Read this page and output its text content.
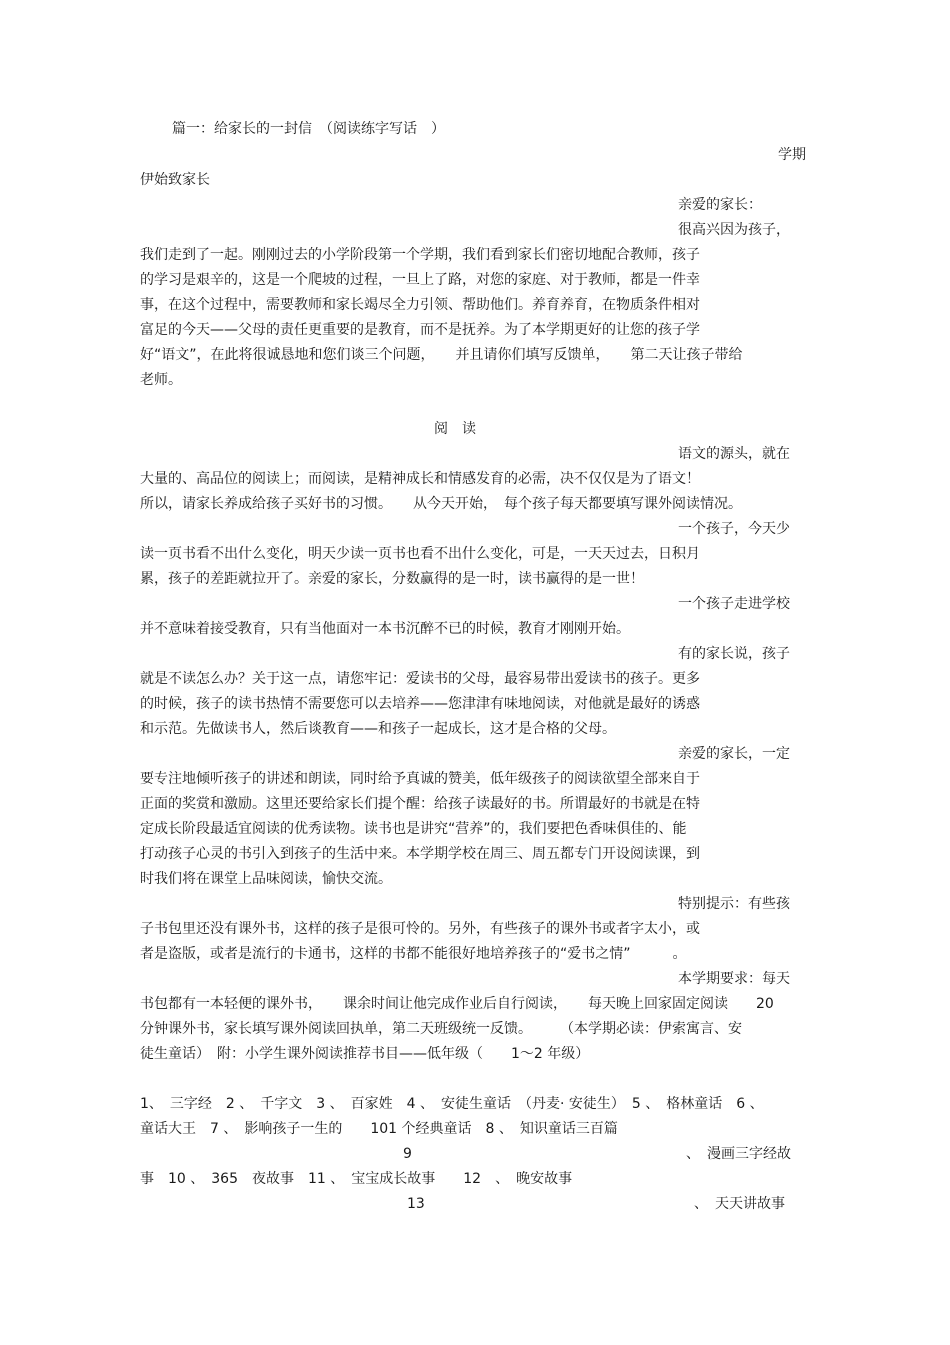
篇一：给家长的一封信　（阅读练字写话　）
学期
伊始致家长
亲爱的家长：
很高兴因为孩子，
我们走到了一起。刚刚过去的小学阶段第一个学期，我们看到家长们密切地配合教师，孩子
的学习是艰辛的，这是一个爬坡的过程，一旦上了路，对您的家庭、对于教师，都是一件幸
事，在这个过程中，需要教师和家长竭尽全力引领、帮助他们。养育养育，在物质条件相对
富足的今天——父母的责任更重要的是教育，而不是抚养。为了本学期更好的让您的孩子学
好“语文”，在此将很诚恳地和您们谈三个问题，　　并且请你们填写反馈单，　　第二天让孩子带给
老师。
阅　读
语文的源头，就在
大量的、高品位的阅读上；而阅读，是精神成长和情感发育的必需，决不仅仅是为了语文！
所以，请家长养成给孩子买好书的习惯。　　从今天开始，　每个孩子每天都要填写课外阅读情况。
一个孩子，今天少
读一页书看不出什么变化，明天少读一页书也看不出什么变化，可是，一天天过去，日积月
累，孩子的差距就拉开了。亲爱的家长，分数赢得的是一时，读书赢得的是一世！
一个孩子走进学校
并不意味着接受教育，只有当他面对一本书沉醉不已的时候，教育才刚刚开始。
有的家长说，孩子
就是不读怎么办？关于这一点，请您牢记：爱读书的父母，最容易带出爱读书的孩子。更多
的时候，孩子的读书热情不需要您可以去培养——您津津有味地阅读，对他就是最好的诱惑
和示范。先做读书人，然后谈教育——和孩子一起成长，这才是合格的父母。
亲爱的家长，一定
要专注地倾听孩子的讲述和朗读，同时给予真诚的赞美，低年级孩子的阅读欲望全部来自于
正面的奖赏和激励。这里还要给家长们提个醒：给孩子读最好的书。所谓最好的书就是在特
定成长阶段最适宜阅读的优秀读物。读书也是讲究“营养”的，我们要把色香味俱佳的、能
打动孩子心灵的书引入到孩子的生活中来。本学期学校在周三、周五都专门开设阅读课，到
时我们将在课堂上品味阅读，愉快交流。
特别提示：有些孩
子书包里还没有课外书，这样的孩子是很可怜的。另外，有些孩子的课外书或者字太小，或
者是盗版，或者是流行的卡通书，这样的书都不能很好地培养孩子的“爱书之情”　　　。
本学期要求：每天
书包都有一本轻便的课外书，　　课余时间让他完成作业后自行阅读，　　每天晚上回家固定阅读　　20
分钟课外书，家长填写课外阅读回执单，第二天班级统一反馈。　　　（本学期必读：伊索寓言、安
徒生童话）　附：小学生课外阅读推荐书目——低年级（　　1～2 年级）
1、　三字经　2 、　千字文　3 、　百家姓　4 、　安徒生童话　（丹麦· 安徒生）　5 、　格林童话　6 、
童话大王　7 、　影响孩子一生的　　101 个经典童话　8 、　知识童话三百篇
9	、　漫画三字经故
事　10 、　365　夜故事　11 、　宝宝成长故事　　12　、　晚安故事
13	、　天天讲故事
